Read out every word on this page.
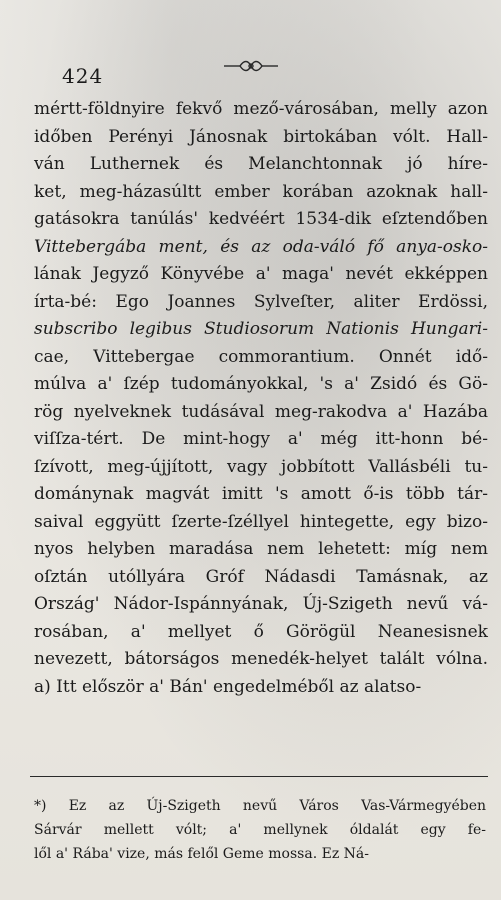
424
mértt-földnyire fekvő mező-városában, melly azon
időben Perényi Jánosnak birtokában vólt. Hall-
ván Luthernek és Melanchtonnak jó híre-
ket, meg-házasúltt ember korában azoknak hall-
gatásokra tanúlás' kedvéért 1534-dik eſztendőben
Vittebergába ment, és az oda-váló fő anya-osko-
lának Jegyző Könyvébe a' maga' nevét ekképpen
írta-bé: Ego Joannes Sylveſter, aliter Erdössi,
subscribo legibus Studiosorum Nationis Hungari-
cae, Vittebergae commorantium. Onnét idő-
múlva a' ſzép tudományokkal, 's a' Zsidó és Gö-
rög nyelveknek tudásával meg-rakodva a' Hazába
viſſza-tért. De mint-hogy a' még itt-honn bé-
ſzívott, meg-újjított, vagy jobbított Vallásbéli tu-
dománynak magvát imitt 's amott ő-is több tár-
saival eggyütt ſzerte-ſzéllyel hintegette, egy bizo-
nyos helyben maradása nem lehetett: míg nem
oſztán utóllyára Gróf Nádasdi Tamásnak, az
Ország' Nádor-Ispánnyának, Új-Szigeth nevű vá-
rosában, a' mellyet ő Görögül Neanesisnek
nevezett, bátorságos menedék-helyet talált vólna.
a) Itt először a' Bán' engedelméből az alatso-
*) Ez az Új-Szigeth nevű Város Vas-Vármegyében
Sárvár mellett vólt; a' mellynek óldalát egy fe-
lől a' Rába' vize, más felől Geme mossa. Ez Ná-
